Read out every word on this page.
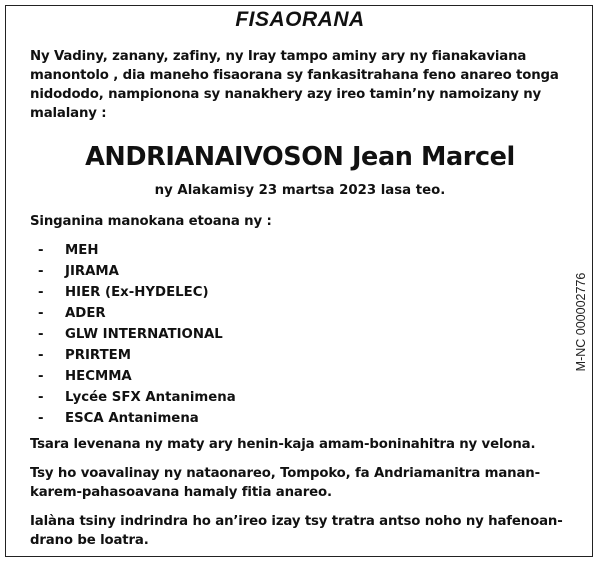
FISAORANA
Ny Vadiny, zanany, zafiny, ny Iray tampo aminy ary ny fianakaviana
manontolo , dia maneho fisaorana sy fankasitrahana feno anareo tonga
nidododo, nampionona sy nanakhery azy ireo tamin’ny namoizany ny
malalany :
ANDRIANAIVOSON Jean Marcel
ny Alakamisy 23 martsa 2023 lasa teo.
Singanina manokana etoana ny :
- MEH
- JIRAMA
- HIER (Ex-HYDELEC)
- ADER
- GLW INTERNATIONAL
- PRIRTEM
- HECMMA
- Lycée SFX Antanimena
- ESCA Antanimena
Tsara levenana ny maty ary henin-kaja amam-boninahitra ny velona.
Tsy ho voavalinay ny nataonareo, Tompoko, fa Andriamanitra manan-
karem-pahasoavana hamaly fitia anareo.
Ialàna tsiny indrindra ho an’ireo izay tsy tratra antso noho ny hafenoan-
drano be loatra.
M-NC 000002776
